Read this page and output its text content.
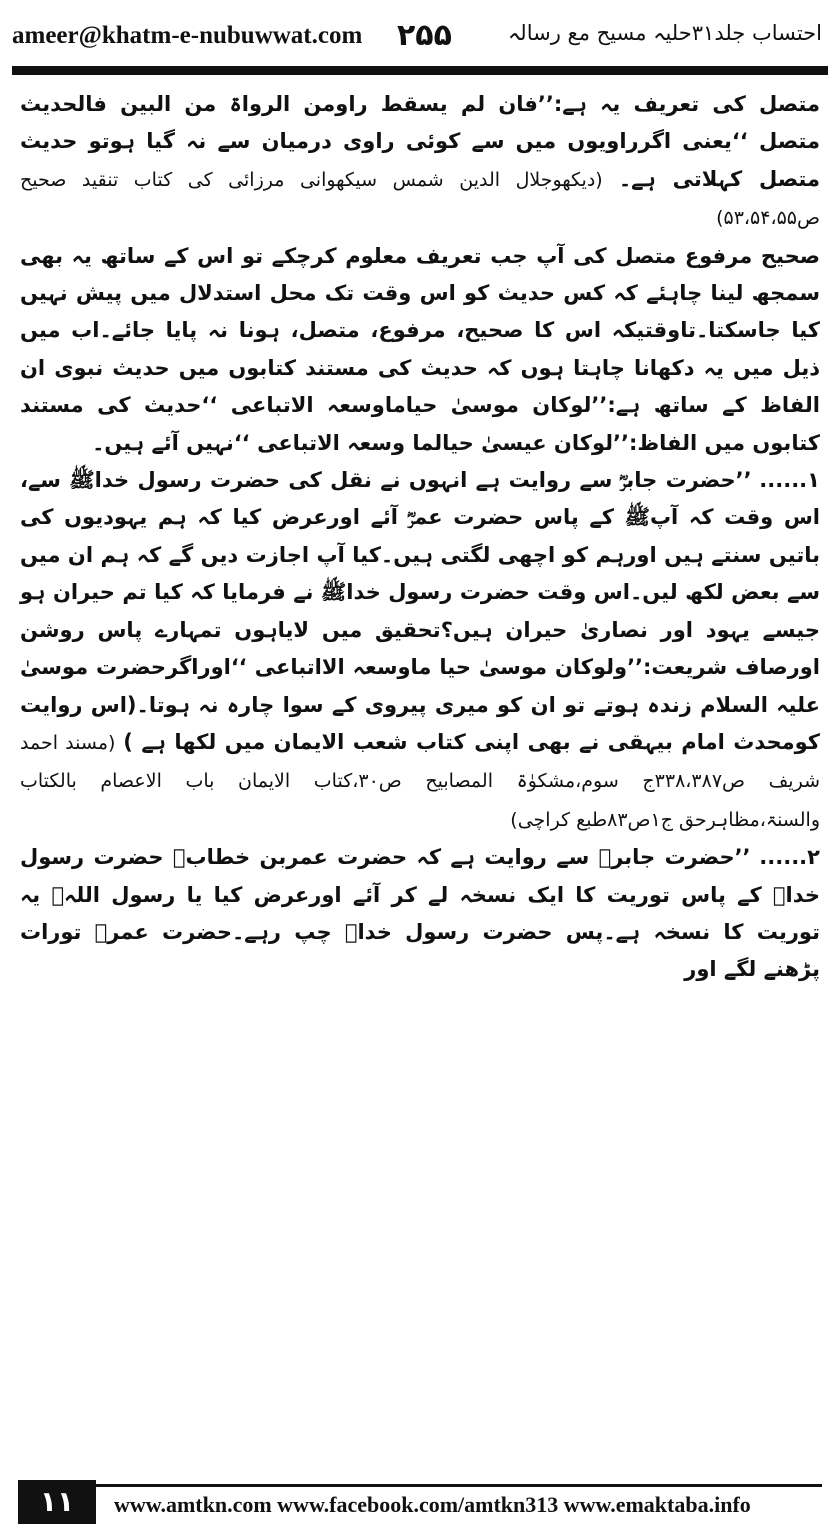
ameer@khatm-e-nubuwwat.com ۲۵۵	احتساب جلد۳۱حلیہ مسیح مع رسالہ

متصل کی تعریف یہ ہے:’’فان لم یسقط راومن الرواۃ من البین فالحدیث متصل ‘‘یعنی اگرراویوں میں سے کوئی راوی درمیان سے نہ گیا ہوتو حدیث متصل کہلاتی ہے۔ (دیکھوجلال الدین شمس سیکھوانی مرزائی کی کتاب تنقید صحیح ص۵۳،۵۴،۵۵)

صحیح مرفوع متصل کی آپ جب تعریف معلوم کرچکے تو اس کے ساتھ یہ بھی سمجھ لینا چاہئے کہ کس حدیث کو اس وقت تک محل استدلال میں پیش نہیں کیا جاسکتا۔تاوقتیکہ اس کا صحیح، مرفوع، متصل، ہونا نہ پایا جائے۔اب میں ذیل میں یہ دکھانا چاہتا ہوں کہ حدیث کی مستند کتابوں میں حدیث نبوی ان الفاظ کے ساتھ ہے:’’لوکان موسیٰ حیاماوسعہ الاتباعی ‘‘حدیث کی مستند کتابوں میں الفاظ:’’لوکان عیسیٰ حیالما وسعہ الاتباعی ‘‘نہیں آئے ہیں۔

۱...... ’’حضرت جابرؓ سے روایت ہے انہوں نے نقل کی حضرت رسول خداﷺ سے، اس وقت کہ آپﷺ کے پاس حضرت عمرؓ آئے اورعرض کیا کہ ہم یہودیوں کی باتیں سنتے ہیں اورہم کو اچھی لگتی ہیں۔کیا آپ اجازت دیں گے کہ ہم ان میں سے بعض لکھ لیں۔اس وقت حضرت رسول خداﷺ نے فرمایا کہ کیا تم حیران ہو جیسے یہود اور نصاریٰ حیران ہیں؟تحقیق میں لایاہوں تمہارے پاس روشن اورصاف شریعت:’’ولوکان موسیٰ حیا ماوسعہ الااتباعی ‘‘اوراگرحضرت موسیٰ علیہ السلام زندہ ہوتے تو ان کو میری پیروی کے سوا چارہ نہ ہوتا۔(اس روایت کومحدث امام بیہقی نے بھی اپنی کتاب شعب الایمان میں لکھا ہے ) (مسند احمد شریف ص۳۳۸،۳۸۷ج سوم،مشکوٰۃ المصابیح ص۳۰،کتاب الایمان باب الاعصام بالکتاب والسنۃ،مظاہرحق ج۱ص۸۳طبع کراچی)

۲...... ’’حضرت جابرؓ سے روایت ہے کہ حضرت عمربن خطابؓ حضرت رسول خداﷺ کے پاس توریت کا ایک نسخہ لے کر آئے اورعرض کیا یا رسول اللہﷺ یہ توریت کا نسخہ ہے۔پس حضرت رسول خداﷺ چپ رہے۔حضرت عمرؓ تورات پڑھنے لگے اور

۱۱	www.amtkn.com www.facebook.com/amtkn313 www.emaktaba.info
